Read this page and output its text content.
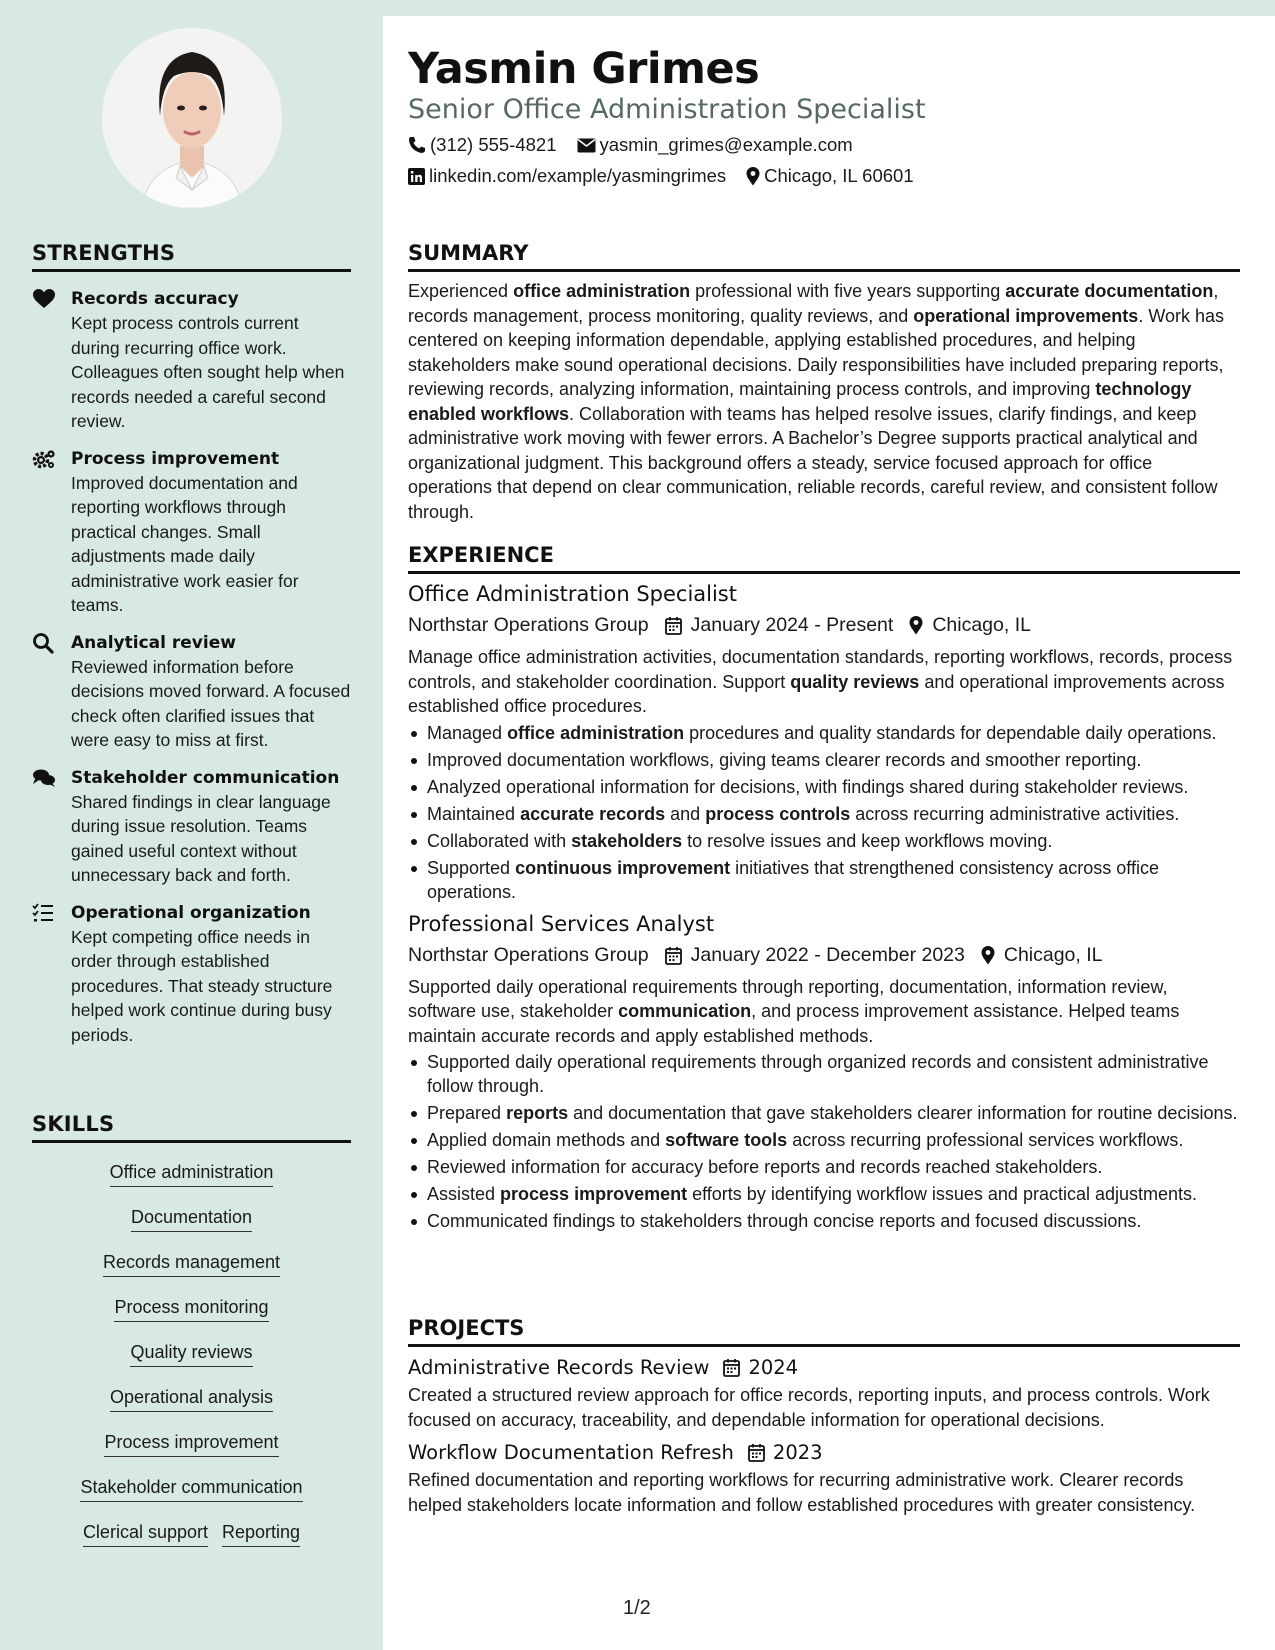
STRENGTHS
Records accuracy
Kept process controls current during recurring office work. Colleagues often sought help when records needed a careful second review.
Process improvement
Improved documentation and reporting workflows through practical changes. Small adjustments made daily administrative work easier for teams.
Analytical review
Reviewed information before decisions moved forward. A focused check often clarified issues that were easy to miss at first.
Stakeholder communication
Shared findings in clear language during issue resolution. Teams gained useful context without unnecessary back and forth.
Operational organization
Kept competing office needs in order through established procedures. That steady structure helped work continue during busy periods.
SKILLS
Office administration
Documentation
Records management
Process monitoring
Quality reviews
Operational analysis
Process improvement
Stakeholder communication
Clerical support Reporting
Yasmin Grimes
Senior Office Administration Specialist
(312) 555-4821 yasmin_grimes@example.com
linkedin.com/example/yasmingrimes Chicago, IL 60601
SUMMARY
Experienced office administration professional with five years supporting accurate documentation, records management, process monitoring, quality reviews, and operational improvements. Work has centered on keeping information dependable, applying established procedures, and helping stakeholders make sound operational decisions. Daily responsibilities have included preparing reports, reviewing records, analyzing information, maintaining process controls, and improving technology enabled workflows. Collaboration with teams has helped resolve issues, clarify findings, and keep administrative work moving with fewer errors. A Bachelor’s Degree supports practical analytical and organizational judgment. This background offers a steady, service focused approach for office operations that depend on clear communication, reliable records, careful review, and consistent follow through.
EXPERIENCE
Office Administration Specialist
Northstar Operations Group January 2024 - Present Chicago, IL
Manage office administration activities, documentation standards, reporting workflows, records, process controls, and stakeholder coordination. Support quality reviews and operational improvements across established office procedures.
Managed office administration procedures and quality standards for dependable daily operations.
Improved documentation workflows, giving teams clearer records and smoother reporting.
Analyzed operational information for decisions, with findings shared during stakeholder reviews.
Maintained accurate records and process controls across recurring administrative activities.
Collaborated with stakeholders to resolve issues and keep workflows moving.
Supported continuous improvement initiatives that strengthened consistency across office operations.
Professional Services Analyst
Northstar Operations Group January 2022 - December 2023 Chicago, IL
Supported daily operational requirements through reporting, documentation, information review, software use, stakeholder communication, and process improvement assistance. Helped teams maintain accurate records and apply established methods.
Supported daily operational requirements through organized records and consistent administrative follow through.
Prepared reports and documentation that gave stakeholders clearer information for routine decisions.
Applied domain methods and software tools across recurring professional services workflows.
Reviewed information for accuracy before reports and records reached stakeholders.
Assisted process improvement efforts by identifying workflow issues and practical adjustments.
Communicated findings to stakeholders through concise reports and focused discussions.
PROJECTS
Administrative Records Review 2024
Created a structured review approach for office records, reporting inputs, and process controls. Work focused on accuracy, traceability, and dependable information for operational decisions.
Workflow Documentation Refresh 2023
Refined documentation and reporting workflows for recurring administrative work. Clearer records helped stakeholders locate information and follow established procedures with greater consistency.
1/2
